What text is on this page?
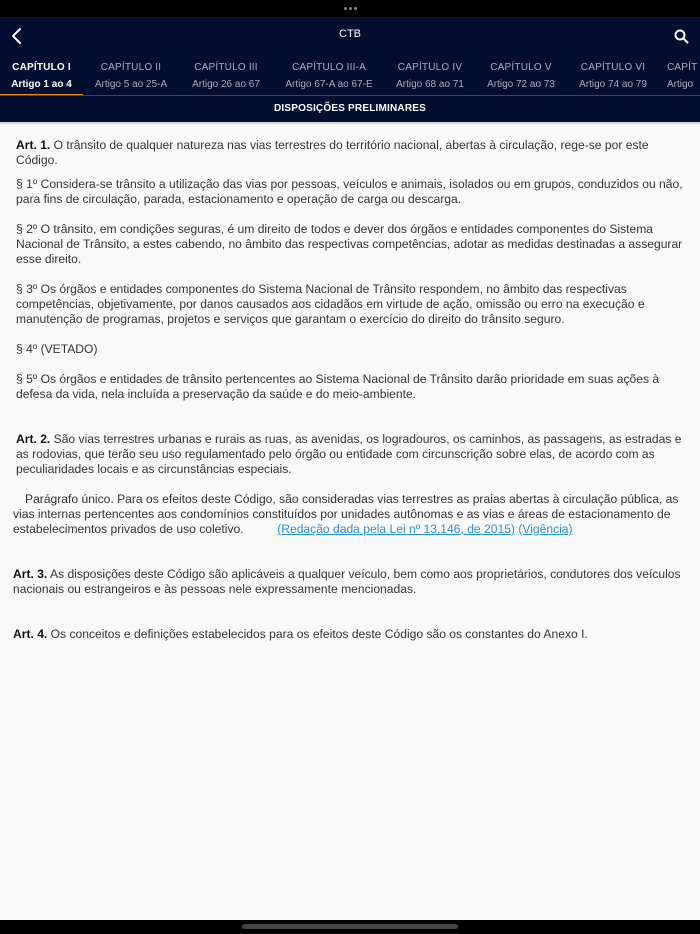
CTB
CAPÍTULO I
Artigo 1 ao 4
CAPÍTULO II
Artigo 5 ao 25-A
CAPÍTULO III
Artigo 26 ao 67
CAPÍTULO III-A
Artigo 67-A ao 67-E
CAPÍTULO IV
Artigo 68 ao 71
CAPÍTULO V
Artigo 72 ao 73
CAPÍTULO VI
Artigo 74 ao 79
CAPÍT
Artigo
DISPOSIÇÕES PRELIMINARES

Art. 1. O trânsito de qualquer natureza nas vias terrestres do território nacional, abertas à circulação, rege-se por este Código.

§ 1º Considera-se trânsito a utilização das vias por pessoas, veículos e animais, isolados ou em grupos, conduzidos ou não, para fins de circulação, parada, estacionamento e operação de carga ou descarga.

§ 2º O trânsito, em condições seguras, é um direito de todos e dever dos órgãos e entidades componentes do Sistema Nacional de Trânsito, a estes cabendo, no âmbito das respectivas competências, adotar as medidas destinadas a assegurar esse direito.

§ 3º Os órgãos e entidades componentes do Sistema Nacional de Trânsito respondem, no âmbito das respectivas competências, objetivamente, por danos causados aos cidadãos em virtude de ação, omissão ou erro na execução e manutenção de programas, projetos e serviços que garantam o exercício do direito do trânsito seguro.

§ 4º (VETADO)

§ 5º Os órgãos e entidades de trânsito pertencentes ao Sistema Nacional de Trânsito darão prioridade em suas ações à defesa da vida, nela incluída a preservação da saúde e do meio-ambiente.

Art. 2. São vias terrestres urbanas e rurais as ruas, as avenidas, os logradouros, os caminhos, as passagens, as estradas e as rodovias, que terão seu uso regulamentado pelo órgão ou entidade com circunscrição sobre elas, de acordo com as peculiaridades locais e as circunstâncias especiais.

Parágrafo único. Para os efeitos deste Código, são consideradas vias terrestres as praias abertas à circulação pública, as vias internas pertencentes aos condomínios constituídos por unidades autônomas e as vias e áreas de estacionamento de estabelecimentos privados de uso coletivo.	(Redação dada pela Lei nº 13.146, de 2015) (Vigência)

Art. 3. As disposições deste Código são aplicáveis a qualquer veículo, bem como aos proprietários, condutores dos veículos nacionais ou estrangeiros e às pessoas nele expressamente mencionadas.

Art. 4. Os conceitos e definições estabelecidos para os efeitos deste Código são os constantes do Anexo I.
